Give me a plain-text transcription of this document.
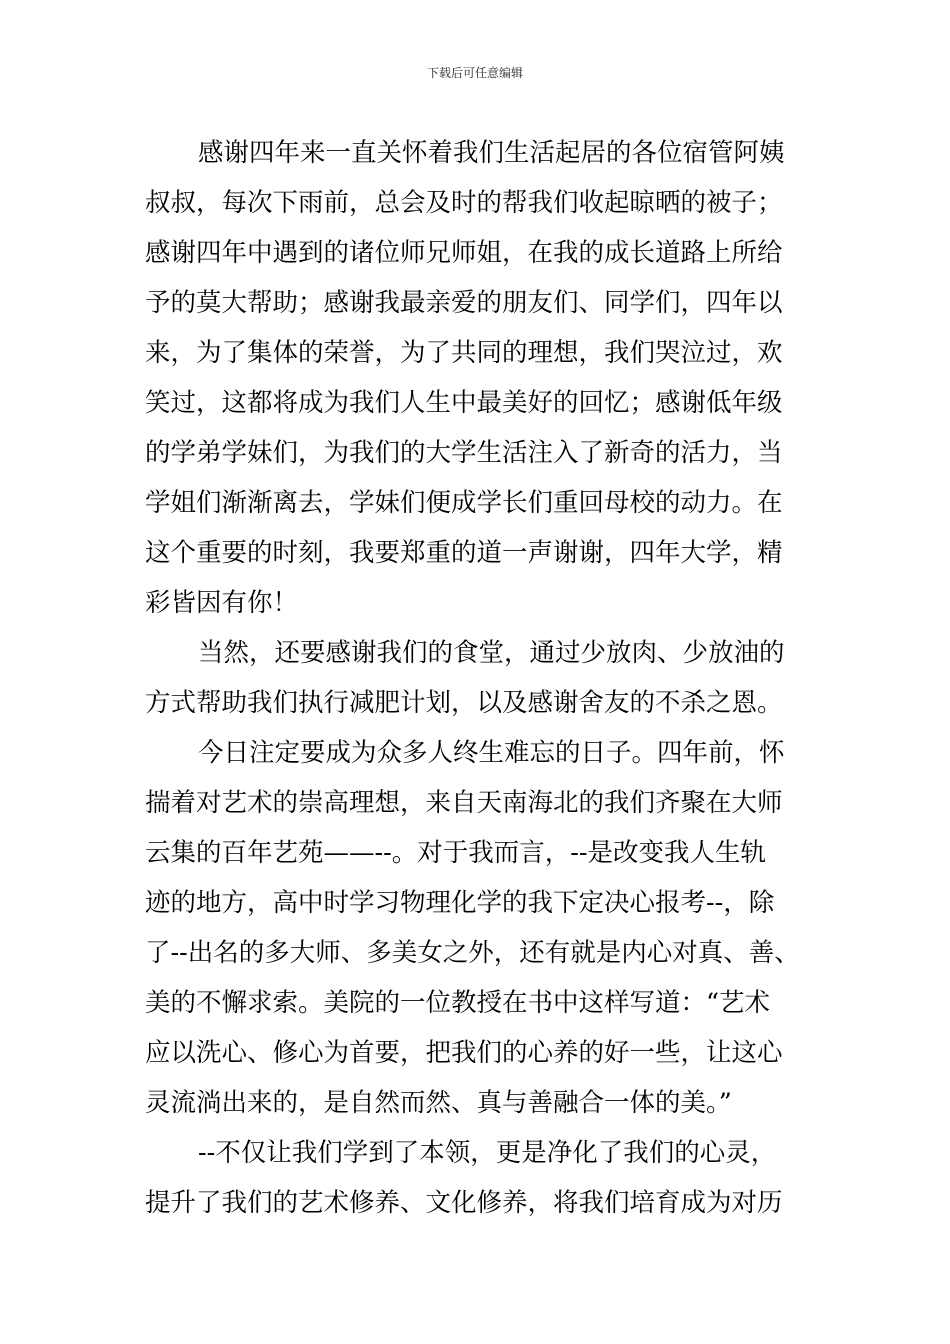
下载后可任意编辑
感谢四年来一直关怀着我们生活起居的各位宿管阿姨
叔叔，每次下雨前，总会及时的帮我们收起晾晒的被子；
感谢四年中遇到的诸位师兄师姐，在我的成长道路上所给
予的莫大帮助；感谢我最亲爱的朋友们、同学们，四年以
来，为了集体的荣誉，为了共同的理想，我们哭泣过，欢
笑过，这都将成为我们人生中最美好的回忆；感谢低年级
的学弟学妹们，为我们的大学生活注入了新奇的活力，当
学姐们渐渐离去，学妹们便成学长们重回母校的动力。在
这个重要的时刻，我要郑重的道一声谢谢，四年大学，精
彩皆因有你！
当然，还要感谢我们的食堂，通过少放肉、少放油的
方式帮助我们执行减肥计划，以及感谢舍友的不杀之恩。
今日注定要成为众多人终生难忘的日子。四年前，怀
揣着对艺术的崇高理想，来自天南海北的我们齐聚在大师
云集的百年艺苑——--。对于我而言，--是改变我人生轨
迹的地方，高中时学习物理化学的我下定决心报考--，除
了--出名的多大师、多美女之外，还有就是内心对真、善、
美的不懈求索。美院的一位教授在书中这样写道：“艺术
应以洗心、修心为首要，把我们的心养的好一些，让这心
灵流淌出来的，是自然而然、真与善融合一体的美。”
--不仅让我们学到了本领，更是净化了我们的心灵，
提升了我们的艺术修养、文化修养，将我们培育成为对历
